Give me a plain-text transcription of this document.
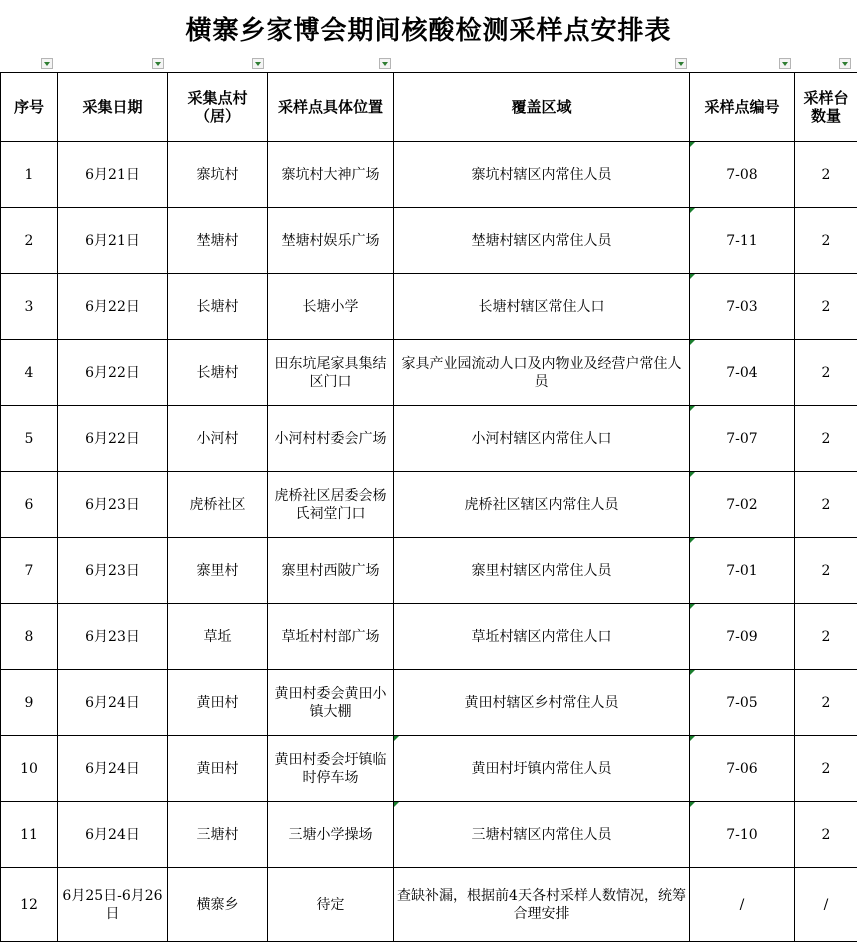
横寨乡家博会期间核酸检测采样点安排表
序号	采集日期	采集点村（居）	采样点具体位置	覆盖区域	采样点编号	采样台数量
1	6月21日	寨坑村	寨坑村大神广场	寨坑村辖区内常住人员	7-08	2
2	6月21日	埜塘村	埜塘村娱乐广场	埜塘村辖区内常住人员	7-11	2
3	6月22日	长塘村	长塘小学	长塘村辖区常住人口	7-03	2
4	6月22日	长塘村	田东坑尾家具集结区门口	家具产业园流动人口及内物业及经营户常住人员	7-04	2
5	6月22日	小河村	小河村村委会广场	小河村辖区内常住人口	7-07	2
6	6月23日	虎桥社区	虎桥社区居委会杨氏祠堂门口	虎桥社区辖区内常住人员	7-02	2
7	6月23日	寨里村	寨里村西陂广场	寨里村辖区内常住人员	7-01	2
8	6月23日	草坵	草坵村村部广场	草坵村辖区内常住人口	7-09	2
9	6月24日	黄田村	黄田村委会黄田小镇大棚	黄田村辖区乡村常住人员	7-05	2
10	6月24日	黄田村	黄田村委会圩镇临时停车场	黄田村圩镇内常住人员	7-06	2
11	6月24日	三塘村	三塘小学操场	三塘村辖区内常住人员	7-10	2
12	6月25日-6月26日	横寨乡	待定	查缺补漏，根据前4天各村采样人数情况，统筹合理安排	/	/
